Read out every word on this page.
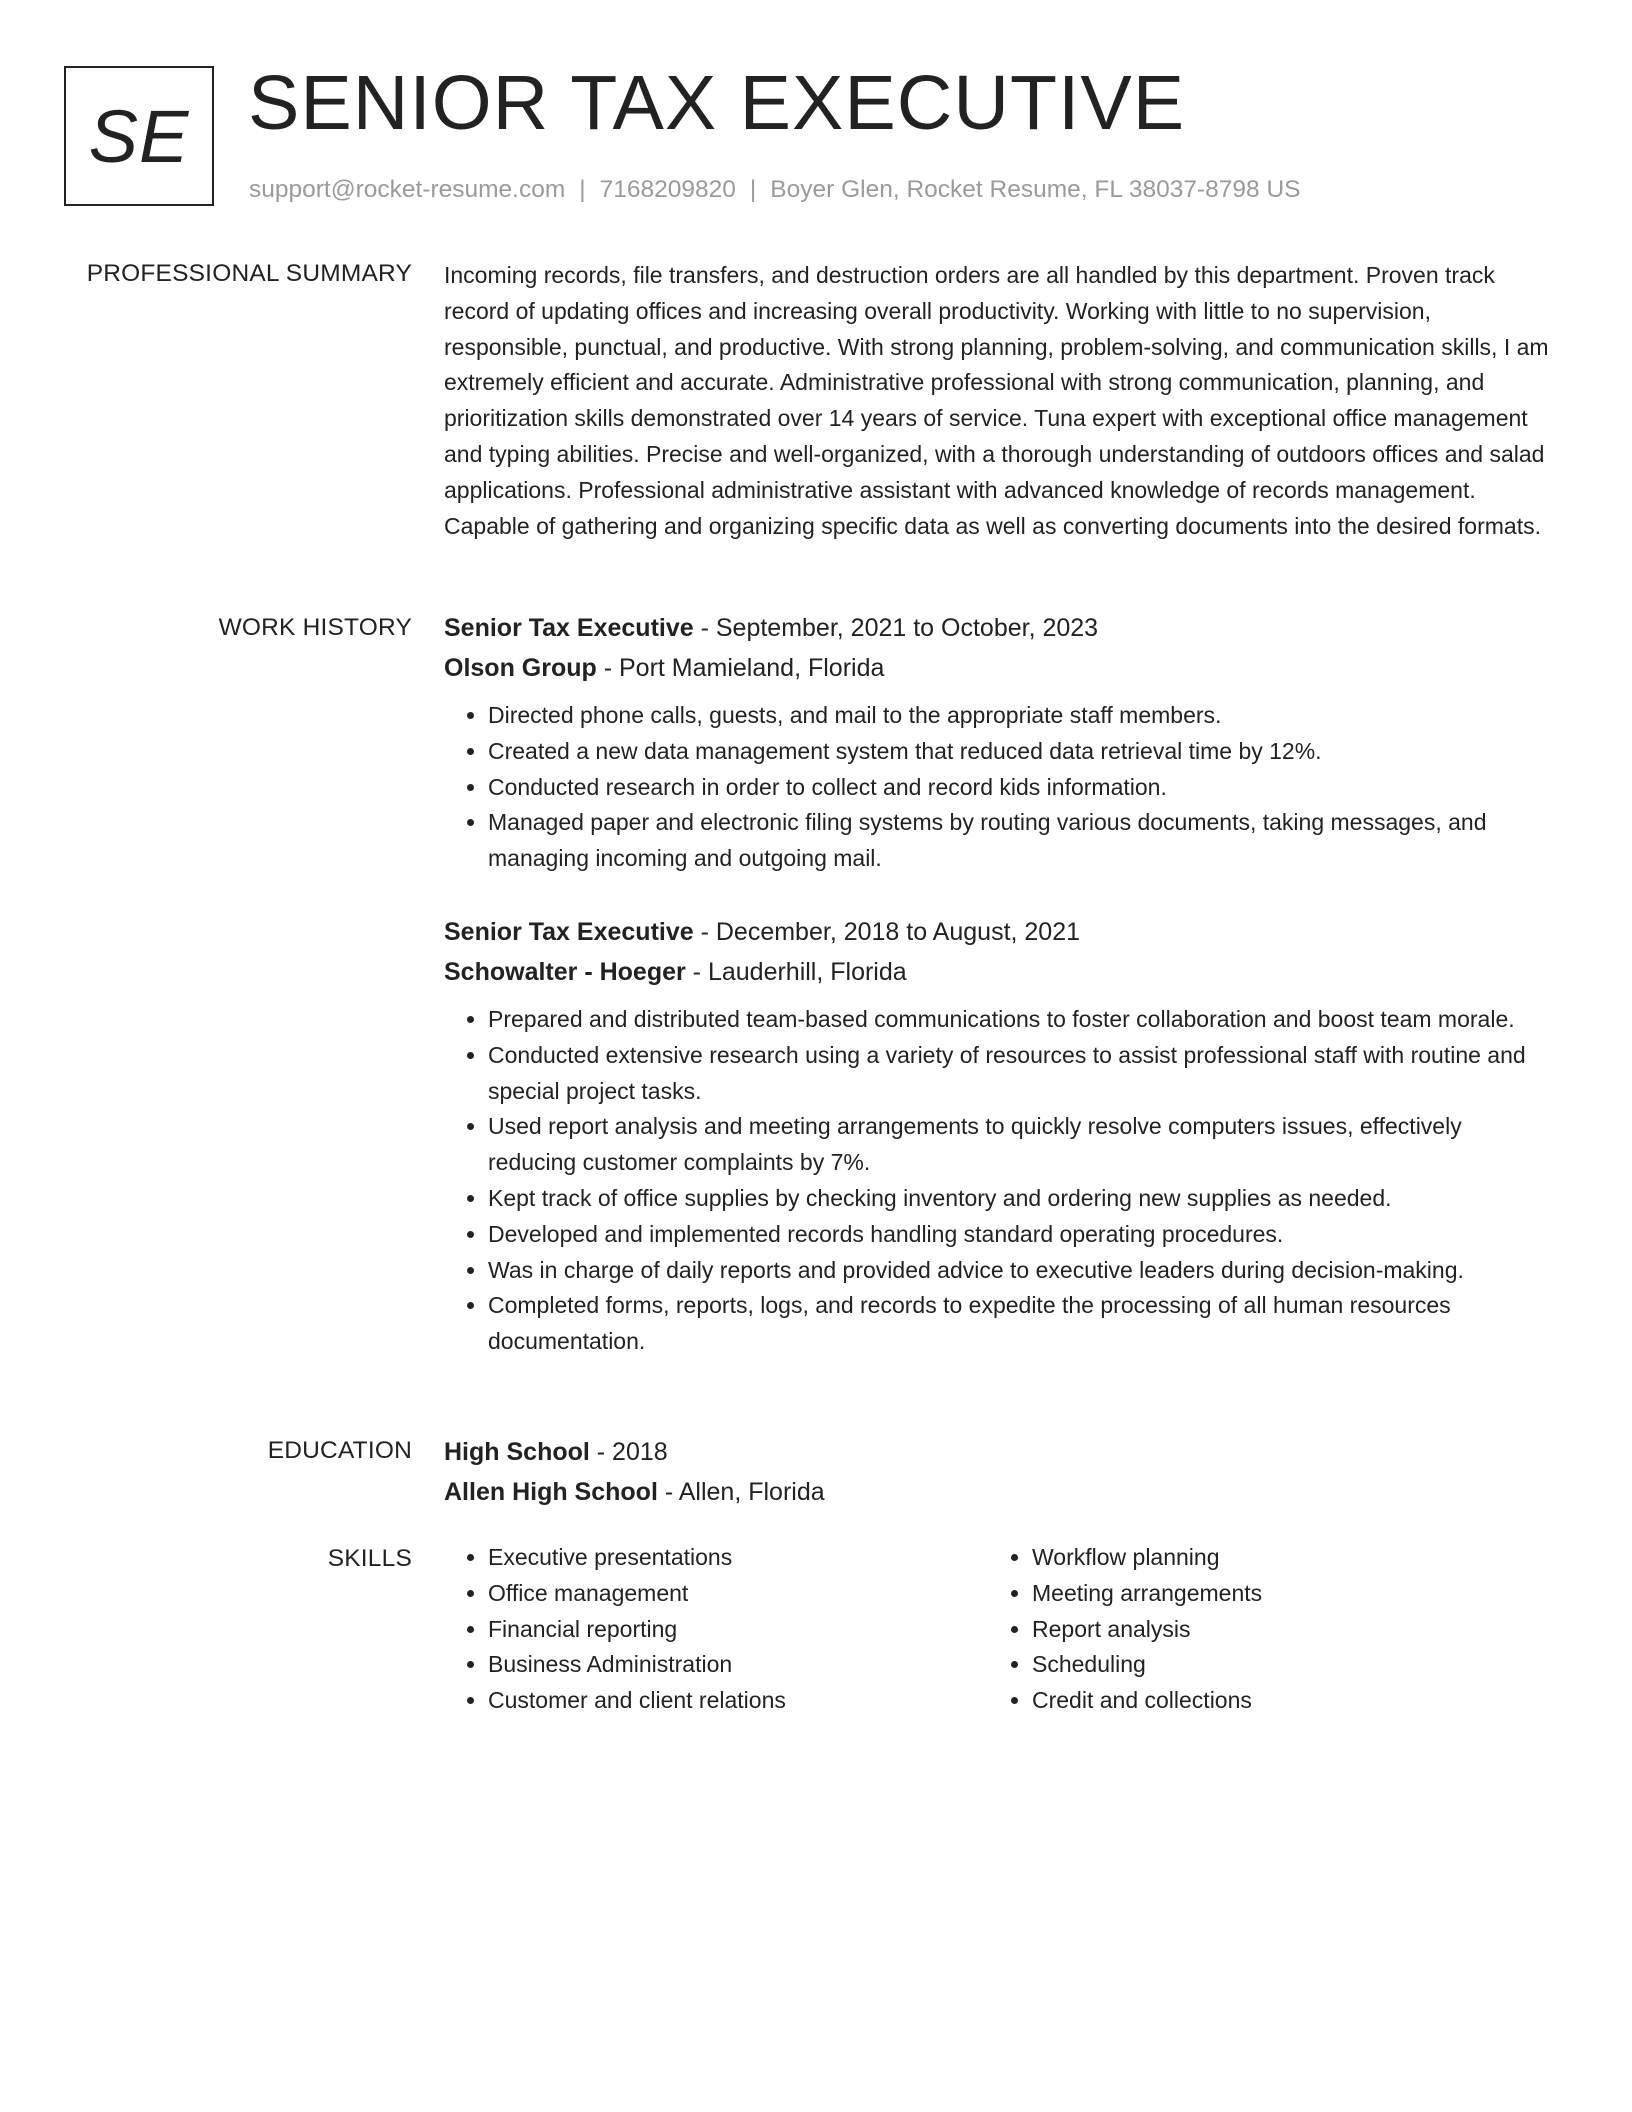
SE SENIOR TAX EXECUTIVE
support@rocket-resume.com | 7168209820 | Boyer Glen, Rocket Resume, FL 38037-8798 US
PROFESSIONAL SUMMARY Incoming records, file transfers, and destruction orders are all handled by this department. Proven track record of updating offices and increasing overall productivity. Working with little to no supervision, responsible, punctual, and productive. With strong planning, problem-solving, and communication skills, I am extremely efficient and accurate. Administrative professional with strong communication, planning, and prioritization skills demonstrated over 14 years of service. Tuna expert with exceptional office management and typing abilities. Precise and well-organized, with a thorough understanding of outdoors offices and salad applications. Professional administrative assistant with advanced knowledge of records management. Capable of gathering and organizing specific data as well as converting documents into the desired formats.

WORK HISTORY Senior Tax Executive - September, 2021 to October, 2023
Olson Group - Port Mamieland, Florida
• Directed phone calls, guests, and mail to the appropriate staff members.
• Created a new data management system that reduced data retrieval time by 12%.
• Conducted research in order to collect and record kids information.
• Managed paper and electronic filing systems by routing various documents, taking messages, and managing incoming and outgoing mail.
Senior Tax Executive - December, 2018 to August, 2021
Schowalter - Hoeger - Lauderhill, Florida
• Prepared and distributed team-based communications to foster collaboration and boost team morale.
• Conducted extensive research using a variety of resources to assist professional staff with routine and special project tasks.
• Used report analysis and meeting arrangements to quickly resolve computers issues, effectively reducing customer complaints by 7%.
• Kept track of office supplies by checking inventory and ordering new supplies as needed.
• Developed and implemented records handling standard operating procedures.
• Was in charge of daily reports and provided advice to executive leaders during decision-making.
• Completed forms, reports, logs, and records to expedite the processing of all human resources documentation.
EDUCATION High School - 2018
Allen High School - Allen, Florida
SKILLS
•	Executive presentations
• Office management
• Financial reporting
• Business Administration
• Customer and client relations
• Workflow planning
• Meeting arrangements
• Report analysis
• Scheduling
• Credit and collections
